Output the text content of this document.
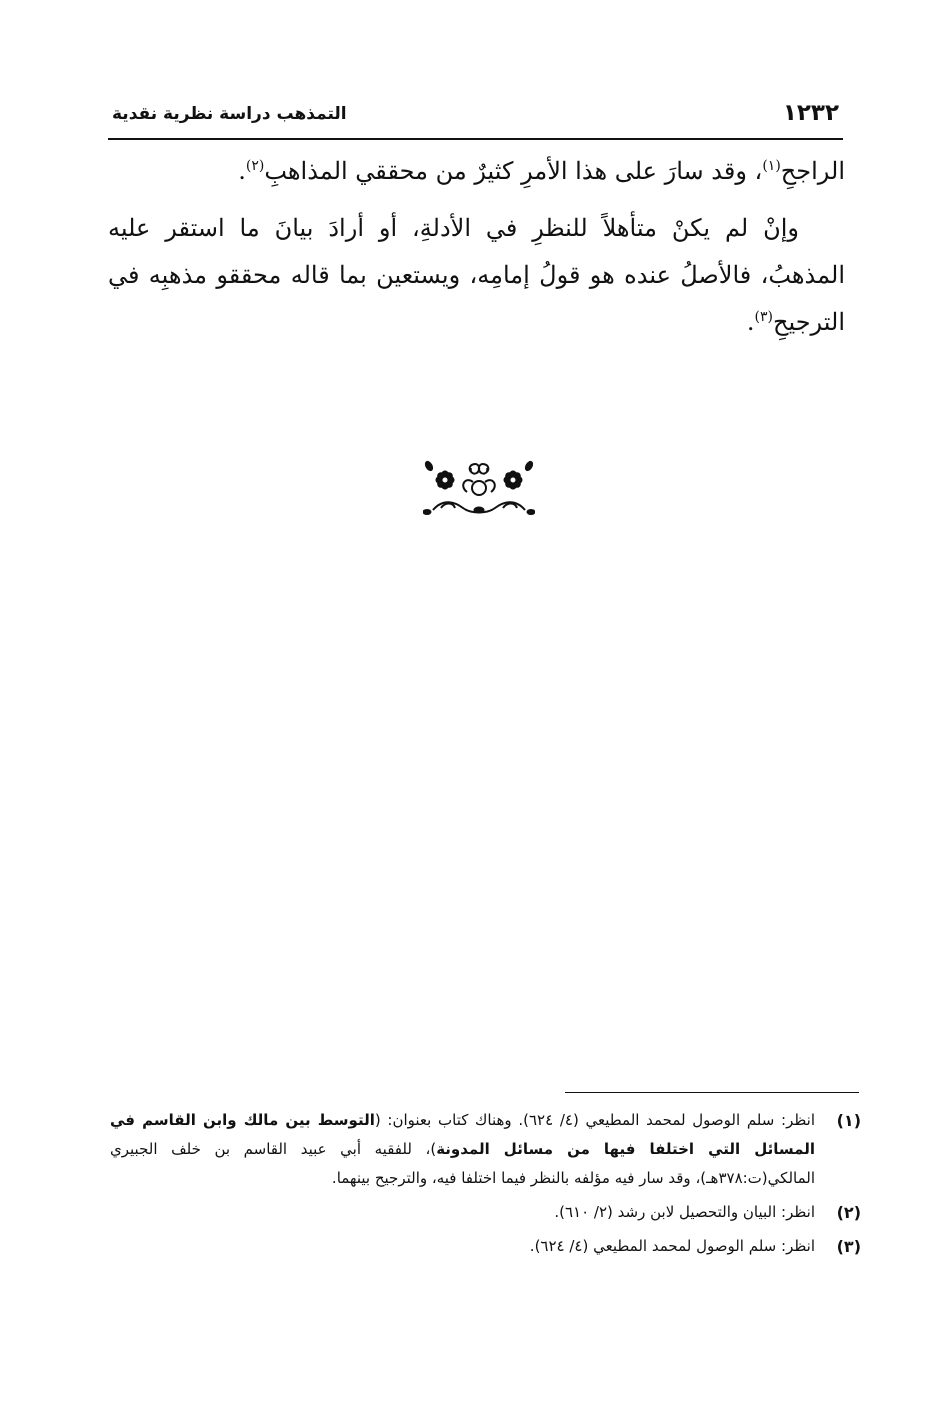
١٢٣٢
التمذهب دراسة نظرية نقدية

الراجحِ$^{(١)}$، وقد سارَ على هذا الأمرِ كثيرٌ من محققي المذاهبِ$^{(٢)}$.

وإنْ لم يكنْ متأهلاً للنظرِ في الأدلةِ، أو أرادَ بيانَ ما استقر عليه المذهبُ، فالأصلُ عنده هو قولُ إمامِه، ويستعين بما قاله محققو مذهبِه في الترجيحِ$^{(٣)}$.

(١)
انظر: سلم الوصول لمحمد المطيعي (٤/ ٦٢٤). وهناك كتاب بعنوان: (التوسط بين مالك وابن القاسم في المسائل التي اختلفا فيها من مسائل المدونة)، للفقيه أبي عبيد القاسم بن خلف الجبيري المالكي(ت:٣٧٨هـ)، وقد سار فيه مؤلفه بالنظر فيما اختلفا فيه، والترجيح بينهما.
(٢)
انظر: البيان والتحصيل لابن رشد (٢/ ٦١٠).
(٣)
انظر: سلم الوصول لمحمد المطيعي (٤/ ٦٢٤).
